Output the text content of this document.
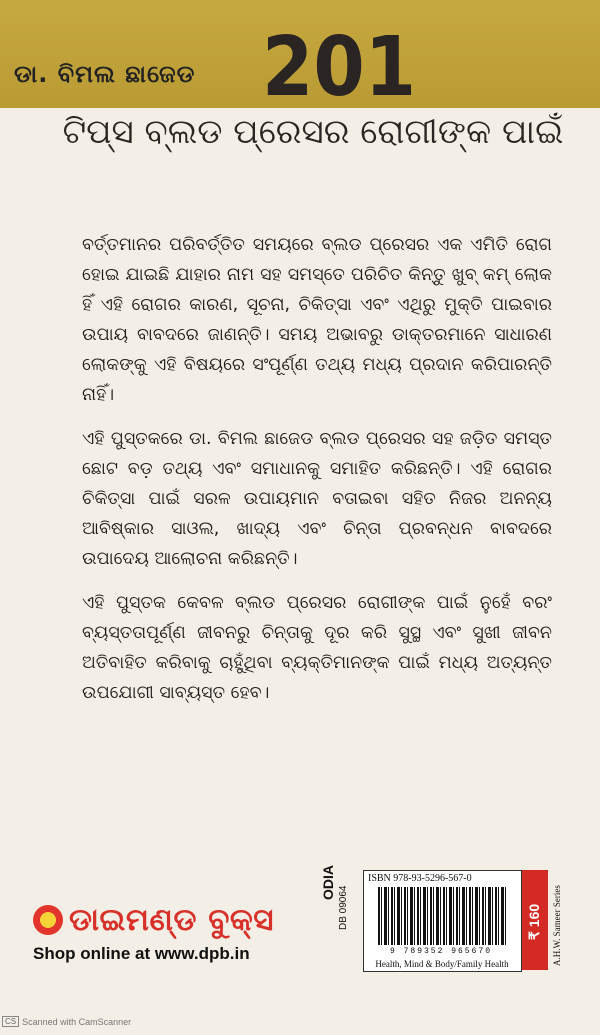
ଡା. ବିମଲ ଛାଜେଡ 201
ଟିପ୍ସ ବ୍ଲଡ ପ୍ରେସର ରୋଗୀଙ୍କ ପାଇଁ

ବର୍ତ୍ତମାନର ପରିବର୍ତ୍ତିତ ସମୟରେ ବ୍ଲଡ ପ୍ରେସର ଏକ ଏମିତି ରୋଗ ହୋଇ ଯାଇଛି ଯାହାର ନାମ ସହ ସମସ୍ତେ ପରିଚିତ କିନ୍ତୁ ଖୁବ୍ କମ୍ ଲୋକ ହିଁ ଏହି ରୋଗର କାରଣ, ସୂଚନା, ଚିକିତ୍ସା ଏବଂ ଏଥିରୁ ମୁକ୍ତି ପାଇବାର ଉପାୟ ବାବଦରେ ଜାଣନ୍ତି। ସମୟ ଅଭାବରୁ ଡାକ୍ତରମାନେ ସାଧାରଣ ଲୋକଙ୍କୁ ଏହି ବିଷୟରେ ସଂପୂର୍ଣ୍ଣ ତଥ୍ୟ ମଧ୍ୟ ପ୍ରଦାନ କରିପାରନ୍ତି ନାହିଁ।

ଏହି ପୁସ୍ତକରେ ଡା. ବିମଲ ଛାଜେଡ ବ୍ଲଡ ପ୍ରେସର ସହ ଜଡ଼ିତ ସମସ୍ତ ଛୋଟ ବଡ଼ ତଥ୍ୟ ଏବଂ ସମାଧାନକୁ ସମାହିତ କରିଛନ୍ତି। ଏହି ରୋଗର ଚିକିତ୍ସା ପାଇଁ ସରଳ ଉପାୟମାନ ବତାଇବା ସହିତ ନିଜର ଅନନ୍ୟ ଆବିଷ୍କାର ସାଓଲ, ଖାଦ୍ୟ ଏବଂ ଚିନ୍ତା ପ୍ରବନ୍ଧନ ବାବଦରେ ଉପାଦେୟ ଆଲୋଚନା କରିଛନ୍ତି।

ଏହି ପୁସ୍ତକ କେବଳ ବ୍ଲଡ ପ୍ରେସର ରୋଗୀଙ୍କ ପାଇଁ ନୁହେଁ ବରଂ ବ୍ୟସ୍ତତାପୂର୍ଣ୍ଣ ଜୀବନରୁ ଚିନ୍ତାକୁ ଦୂର କରି ସୁସ୍ଥ ଏବଂ ସୁଖୀ ଜୀବନ ଅତିବାହିତ କରିବାକୁ ଚାହୁଁଥିବା ବ୍ୟକ୍ତିମାନଙ୍କ ପାଇଁ ମଧ୍ୟ ଅତ୍ୟନ୍ତ ଉପଯୋଗୀ ସାବ୍ୟସ୍ତ ହେବ।

ଡାଇମଣ୍ଡ ବୁକ୍ସ
Shop online at www.dpb.in
ODIA
DB 09064
ISBN 978-93-5296-567-0
9 789352 965670
Health, Mind & Body/Family Health
₹ 160 A.H.W. Sameer Series
CS Scanned with CamScanner
